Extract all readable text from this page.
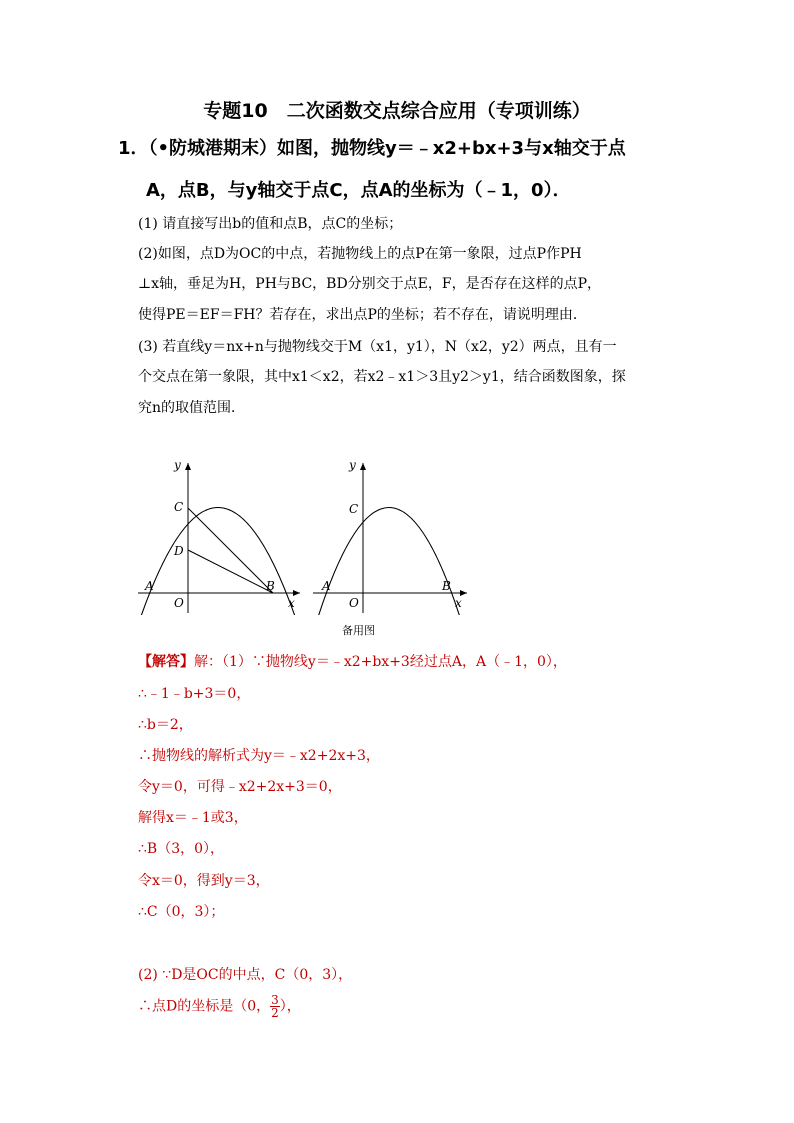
专题10　二次函数交点综合应用（专项训练）
1．（•防城港期末）如图，抛物线y＝﹣x2+bx+3与x轴交于点
A，点B，与y轴交于点C，点A的坐标为（﹣1，0）．
(1) 请直接写出b的值和点B，点C的坐标；
(2)如图，点D为OC的中点，若抛物线上的点P在第一象限，过点P作PH
⊥x轴，垂足为H，PH与BC，BD分别交于点E，F，是否存在这样的点P，
使得PE＝EF＝FH？若存在，求出点P的坐标；若不存在，请说明理由．
(3) 若直线y＝nx+n与抛物线交于M（x1，y1），N（x2，y2）两点，且有一
个交点在第一象限，其中x1＜x2，若x2﹣x1＞3且y2＞y1，结合函数图象，探
究n的取值范围．
y
x
C
D
A
O
B
y
x
C
A
O
B
备用图
【解答】解：（1）∵抛物线y＝﹣x2+bx+3经过点A，A（﹣1，0），
∴﹣1﹣b+3＝0，
∴b＝2，
∴抛物线的解析式为y＝﹣x2+2x+3，
令y＝0，可得﹣x2+2x+3＝0，
解得x＝﹣1或3，
∴B（3，0），
令x＝0，得到y＝3，
∴C（0，3）；
(2) ∵D是OC的中点，C（0，3），
∴点D的坐标是（0， $\frac{3}{2}$ ），
